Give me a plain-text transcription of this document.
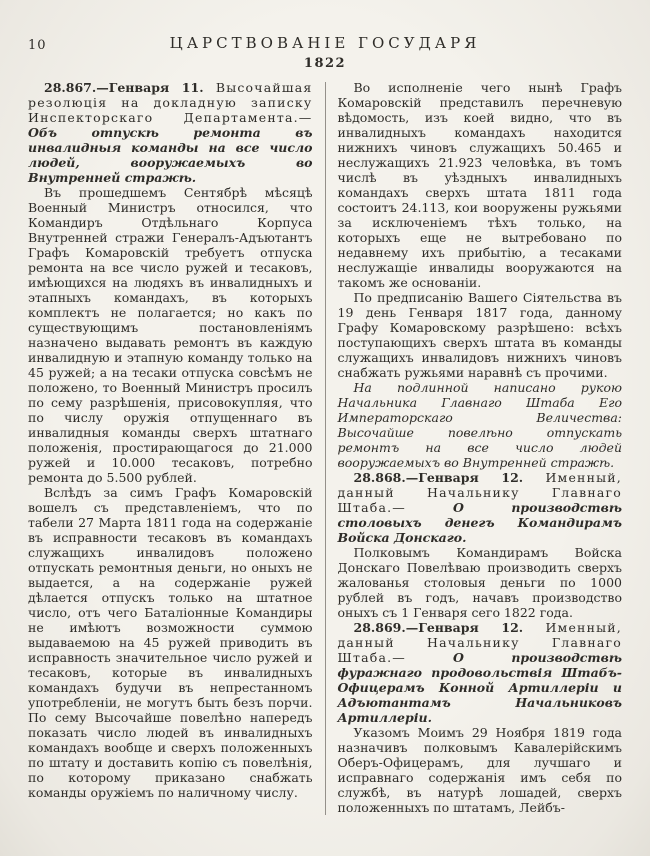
10	ЦАРСТВОВАНІЕ ГОСУДАРЯ
1822

28.867.—Генваря 11. Высочайшая резолюція на докладную записку Инспекторскаго Департамента.— Объ отпускѣ ремонта въ инвалидныя команды на все число людей, вооружаемыхъ во Внутренней стражѣ.

Въ прошедшемъ Сентябрѣ мѣсяцѣ Военный Министръ относился, что Командиръ Отдѣльнаго Корпуса Внутренней стражи Генералъ-Адъютантъ Графъ Комаровскій требуетъ отпуска ремонта на все число ружей и тесаковъ, имѣющихся на людяхъ въ инвалидныхъ и этапныхъ командахъ, въ которыхъ комплектъ не полагается; но какъ по существующимъ постановленіямъ назначено выдавать ремонтъ въ каждую инвалидную и этапную команду только на 45 ружей; а на тесаки отпуска совсѣмъ не положено, то Военный Министръ просилъ по сему разрѣшенія, присовокупляя, что по числу оружія отпущеннаго въ инвалидныя команды сверхъ штатнаго положенія, простирающагося до 21.000 ружей и 10.000 тесаковъ, потребно ремонта до 5.500 рублей.

Вслѣдъ за симъ Графъ Комаровскій вошелъ съ представленіемъ, что по табели 27 Марта 1811 года на содержаніе въ исправности тесаковъ въ командахъ служащихъ инвалидовъ положено отпускать ремонтныя деньги, но оныхъ не выдается, а на содержаніе ружей дѣлается отпускъ только на штатное число, отъ чего Баталіонные Командиры не имѣютъ возможности суммою выдаваемою на 45 ружей приводить въ исправность значительное число ружей и тесаковъ, которые въ инвалидныхъ командахъ будучи въ непрестанномъ употребленіи, не могутъ быть безъ порчи. По сему Высочайше повелѣно напередъ показать число людей въ инвалидныхъ командахъ вообще и сверхъ положенныхъ по штату и доставить копію съ повелѣнія, по которому приказано снабжать команды оружіемъ по наличному числу.

Во исполненіе чего нынѣ Графъ Комаровскій представилъ перечневую вѣдомость, изъ коей видно, что въ инвалидныхъ командахъ находится нижнихъ чиновъ служащихъ 50.465 и неслужащихъ 21.923 человѣка, въ томъ числѣ въ уѣздныхъ инвалидныхъ командахъ сверхъ штата 1811 года состоитъ 24.113, кои вооружены ружьями за исключеніемъ тѣхъ только, на которыхъ еще не вытребовано по недавнему ихъ прибытію, а тесаками неслужащіе инвалиды вооружаются на такомъ же основаніи.

По предписанію Вашего Сіятельства въ 19 день Генваря 1817 года, данному Графу Комаровскому разрѣшено: всѣхъ поступающихъ сверхъ штата въ команды служащихъ инвалидовъ нижнихъ чиновъ снабжать ружьями наравнѣ съ прочими.

На подлинной написано рукою Начальника Главнаго Штаба Его Императорскаго Величества: Высочайше повелѣно отпускать ремонтъ на все число людей вооружаемыхъ во Внутренней стражѣ.

28.868.—Генваря 12. Именный, данный Начальнику Главнаго Штаба.—	О производствѣ столовыхъ денегъ Командирамъ Войска Донскаго.

Полковымъ Командирамъ Войска Донскаго Повелѣваю производить сверхъ жалованья столовыя деньги по 1000 рублей въ годъ, начавъ производство оныхъ съ 1 Генваря сего 1822 года.

28.869.—Генваря 12. Именный, данный Начальнику Главнаго Штаба.—	О производствѣ фуражнаго продовольствія Штабъ-Офицерамъ Конной Артиллеріи и Адъютантамъ Начальниковъ Артиллеріи.

Указомъ Моимъ 29 Ноября 1819 года назначивъ полковымъ Кавалерійскимъ Оберъ-Офицерамъ, для лучшаго и исправнаго содержанія имъ себя по службѣ, въ натурѣ лошадей, сверхъ положенныхъ по штатамъ, Лейбъ-
